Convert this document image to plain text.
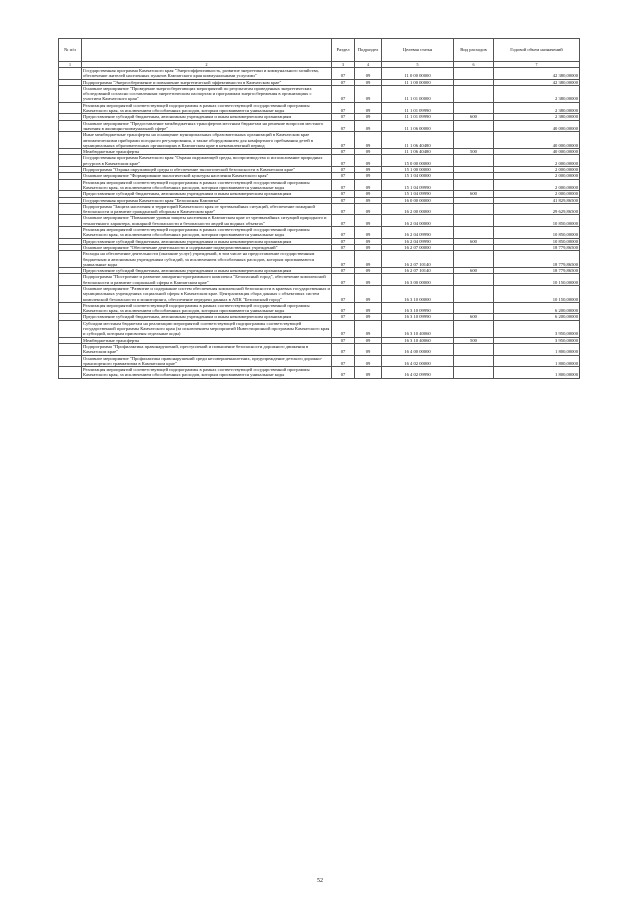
№ п/п		Раздел	Подраздел	Целевая статья	Вид расходов	Годовой объем назначений
1	2	3	4	5	6	7
	Государственная программа Камчатского края "Энергоэффективность, развитие энергетики и коммунального хозяйства, обеспечение жителей населенных пунктов Камчатского края коммунальными услугами"	07	09	11 0 00 00000		42 380,00000
	Подпрограмма "Энергосбережение и повышение энергетической эффективности в Камчатском крае"	07	09	11 1 00 00000		42 380,00000
	Основное мероприятие "Проведение энергосберегающих мероприятий по результатам проведенных энергетических обследований согласно составленным энергетическим паспортам и программам энергосбережения в организациях с участием Камчатского края"	07	09	11 1 01 00000		2 380,00000
	Реализация мероприятий соответствующей подпрограммы в рамках соответствующей государственной программы Камчатского края, за исключением обособленных расходов, которым присваиваются уникальные коды	07	09	11 1 01 09990		2 380,00000
	Предоставление субсидий бюджетным, автономным учреждениям и иным некоммерческим организациям	07	09	11 1 01 09990	600	2 380,00000
	Основное мероприятие "Предоставление межбюджетных трансфертов местным бюджетам на решение вопросов местного значения в жилищно-коммунальной сфере"	07	09	11 1 06 00000		40 000,00000
	Иные межбюджетные трансферты на оснащение муниципальных образовательных организаций в Камчатском крае автоматическими приборами погодного регулирования, а также оборудованием для комфортного пребывания детей в муниципальных образовательных организациях в Камчатском крае в некомплектный период	07	09	11 1 06 40480		40 000,00000
	Межбюджетные трансферты	07	09	11 1 06 40480	500	40 000,00000
	Государственная программа Камчатского края "Охрана окружающей среды, воспроизводство и использование природных ресурсов в Камчатском крае"	07	09	15 0 00 00000		2 000,00000
	Подпрограмма "Охрана окружающей среды и обеспечение экологической безопасности в Камчатском крае"	07	09	15 1 00 00000		2 000,00000
	Основное мероприятие "Формирование экологической культуры населения Камчатского края"	07	09	15 1 04 00000		2 000,00000
	Реализация мероприятий соответствующей подпрограммы в рамках соответствующей государственной программы Камчатского края, за исключением обособленных расходов, которым присваиваются уникальные коды	07	09	15 1 04 09990		2 000,00000
	Предоставление субсидий бюджетным, автономным учреждениям и иным некоммерческим организациям	07	09	15 1 04 09990	600	2 000,00000
	Государственная программа Камчатского края "Безопасная Камчатка"	07	09	16 0 00 00000		41 829,86500
	Подпрограмма "Защита населения и территорий Камчатского края от чрезвычайных ситуаций, обеспечение пожарной безопасности и развитие гражданской обороны в Камчатском крае"	07	09	16 2 00 00000		29 629,86500
	Основное мероприятие "Повышение уровня защиты населения в Камчатском крае от чрезвычайных ситуаций природного и техногенного характера, пожарной безопасности и безопасности людей на водных объектах"	07	09	16 2 04 00000		10 850,00000
	Реализация мероприятий соответствующей подпрограммы в рамках соответствующей государственной программы Камчатского края, за исключением обособленных расходов, которым присваиваются уникальные коды	07	09	16 2 04 09990		10 850,00000
	Предоставление субсидий бюджетным, автономным учреждениям и иным некоммерческим организациям	07	09	16 2 04 09990	600	10 850,00000
	Основное мероприятие "Обеспечение деятельности и содержание подведомственных учреждений"	07	09	16 2 07 00000		18 779,86500
	Расходы на обеспечение деятельности (оказание услуг) учреждений, в том числе на предоставление государственным бюджетным и автономным учреждениям субсидий, за исключением обособленных расходов, которым присваиваются уникальные коды	07	09	16 2 07 10140		18 779,86500
	Предоставление субсидий бюджетным, автономным учреждениям и иным некоммерческим организациям	07	09	16 2 07 10140	600	18 779,86500
	Подпрограмма "Построение и развитие аппаратно-программного комплекса "Безопасный город", обеспечение комплексной безопасности и развитие социальной сферы в Камчатском крае"	07	09	16 3 00 00000		10 150,00000
	Основное мероприятие "Развитие и содержание систем обеспечения комплексной безопасности в краевых государственных и муниципальных учреждениях социальной сферы в Камчатском крае. Централизация сбора данных с объектовых систем комплексной безопасности и мониторинга, обеспечение передачи данных в АПК "Безопасный город"	07	09	16 3 10 00000		10 150,00000
	Реализация мероприятий соответствующей подпрограммы в рамках соответствующей государственной программы Камчатского края, за исключением обособленных расходов, которым присваиваются уникальные коды	07	09	16 3 10 09990		6 200,00000
	Предоставление субсидий бюджетным, автономным учреждениям и иным некоммерческим организациям	07	09	16 3 10 09990	600	6 200,00000
	Субсидии местным бюджетам на реализацию мероприятий соответствующей подпрограммы соответствующей государственной программы Камчатского края (за исключением мероприятий Инвестиционной программы Камчатского края и субсидий, которым присвоены отдельные коды)	07	09	16 3 10 40060		3 950,00000
	Межбюджетные трансферты	07	09	16 3 10 40060	500	3 950,00000
	Подпрограмма "Профилактика правонарушений, преступлений и повышение безопасности дорожного движения в Камчатском крае"	07	09	16 4 00 00000		1 800,00000
	Основное мероприятие "Профилактика правонарушений среди несовершеннолетних, предупреждение детского дорожно-транспортного травматизма в Камчатском крае"	07	09	16 4 02 00000		1 800,00000
	Реализация мероприятий соответствующей подпрограммы в рамках соответствующей государственной программы Камчатского края, за исключением обособленных расходов, которым присваиваются уникальные коды	07	09	16 4 02 09990		1 800,00000
52
